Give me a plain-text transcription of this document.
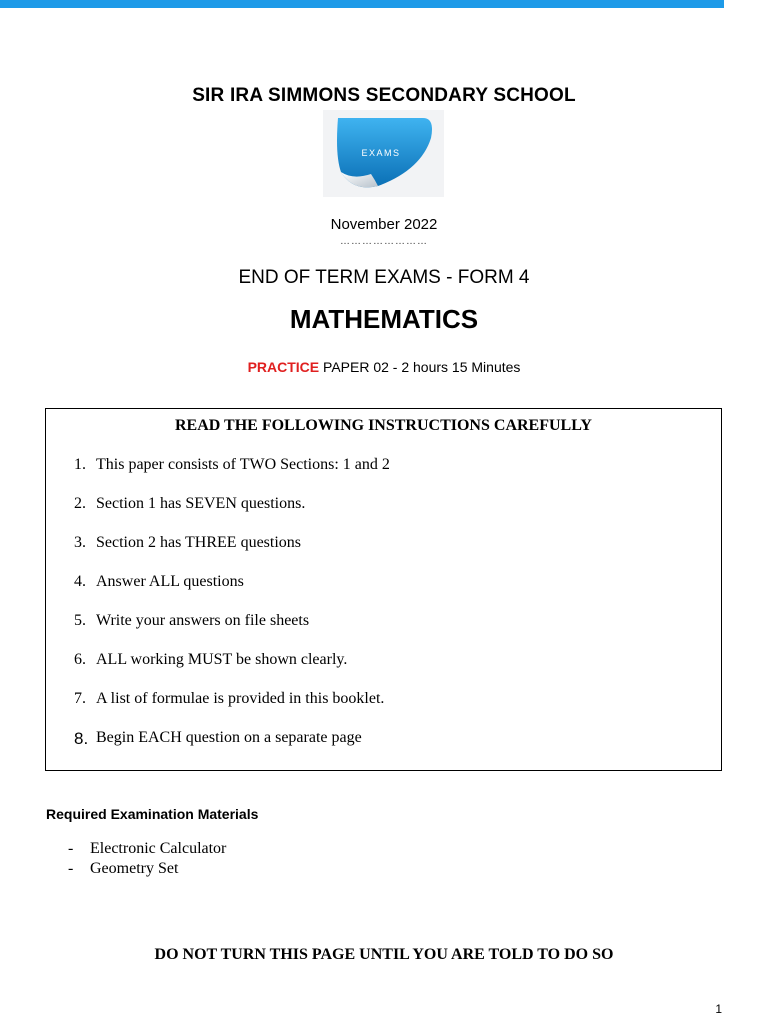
SIR IRA SIMMONS SECONDARY SCHOOL
EXAMS
November 2022
……………………
END OF TERM EXAMS - FORM 4
MATHEMATICS
PRACTICE PAPER 02 - 2 hours 15 Minutes
READ THE FOLLOWING INSTRUCTIONS CAREFULLY
1. This paper consists of TWO Sections: 1 and 2
2. Section 1 has SEVEN questions.
3. Section 2 has THREE questions
4. Answer ALL questions
5. Write your answers on file sheets
6. ALL working MUST be shown clearly.
7. A list of formulae is provided in this booklet.
8. Begin EACH question on a separate page
Required Examination Materials
-	Electronic Calculator
-	Geometry Set
DO NOT TURN THIS PAGE UNTIL YOU ARE TOLD TO DO SO
1
